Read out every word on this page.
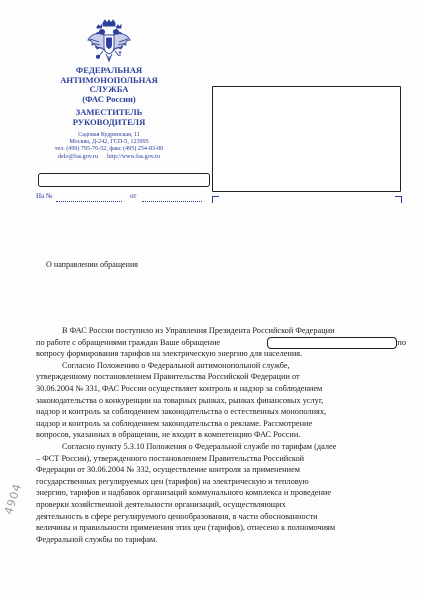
ФЕДЕРАЛЬНАЯ
АНТИМОНОПОЛЬНАЯ
СЛУЖБА
(ФАС России)
ЗАМЕСТИТЕЛЬ
РУКОВОДИТЕЛЯ
Садовая Кудринская, 11
Москва, Д-242, ГСП-5, 123995
тел. (499) 795-76-52, факс (495) 254-83-00
delo@fas.gov.ru      http://www.fas.gov.ru
На №	от
О направлении обращения

В ФАС России поступило из Управления Президента Российской Федерации

по работе с обращениями граждан Ваше обращение	по

вопросу формирования тарифов на электрическую энергию для населения.

Согласно Положению о Федеральной антимонопольной службе,
утвержденному постановлением Правительства Российской Федерации от
30.06.2004 № 331, ФАС России осуществляет контроль и надзор за соблюдением
законодательства о конкуренции на товарных рынках, рынках финансовых услуг,
надзор и контроль за соблюдением законодательства о естественных монополиях,
надзор и контроль за соблюдением законодательства о рекламе. Рассмотрение
вопросов, указанных в обращении, не входит в компетенцию ФАС России.

Согласно пункту 5.3.10 Положения о Федеральной службе по тарифам (далее
– ФСТ России), утвержденного постановлением Правительства Российской
Федерации от 30.06.2004 № 332, осуществление контроля за применением
государственных регулируемых цен (тарифов) на электрическую и тепловую
энергию, тарифов и надбавок организаций коммунального комплекса и проведение
проверки хозяйственной деятельности организаций, осуществляющих
деятельность в сфере регулируемого ценообразования, в части обоснованности
величины и правильности применения этих цен (тарифов), отнесено к полномочиям
Федеральной службы по тарифам.

4904
